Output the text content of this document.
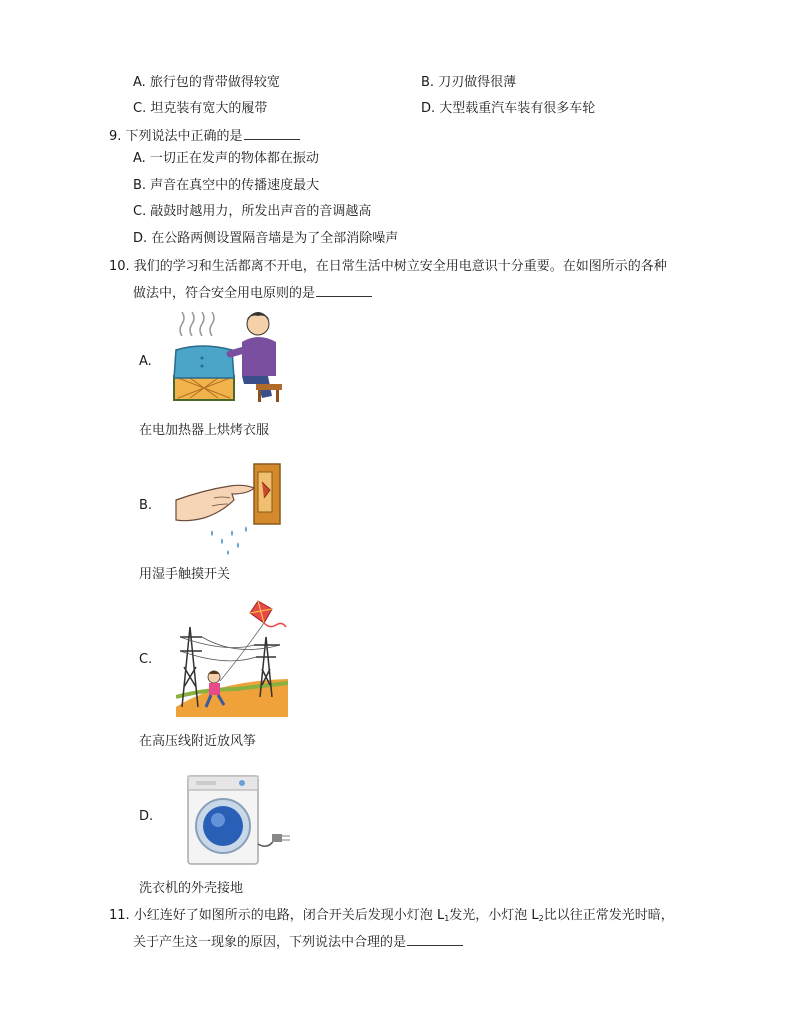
A. 旅行包的背带做得较宽	B. 刀刃做得很薄
C. 坦克装有宽大的履带	D. 大型载重汽车装有很多车轮
9. 下列说法中正确的是
A. 一切正在发声的物体都在振动
B. 声音在真空中的传播速度最大
C. 敲鼓时越用力，所发出声音的音调越高
D. 在公路两侧设置隔音墙是为了全部消除噪声
10. 我们的学习和生活都离不开电，在日常生活中树立安全用电意识十分重要。在如图所示的各种
做法中，符合安全用电原则的是
A.
在电加热器上烘烤衣服
B.
用湿手触摸开关
C.
在高压线附近放风筝
D.
洗衣机的外壳接地
11. 小红连好了如图所示的电路，闭合开关后发现小灯泡 $L_1$发光，小灯泡 $L_2$比以往正常发光时暗，
关于产生这一现象的原因，下列说法中合理的是
